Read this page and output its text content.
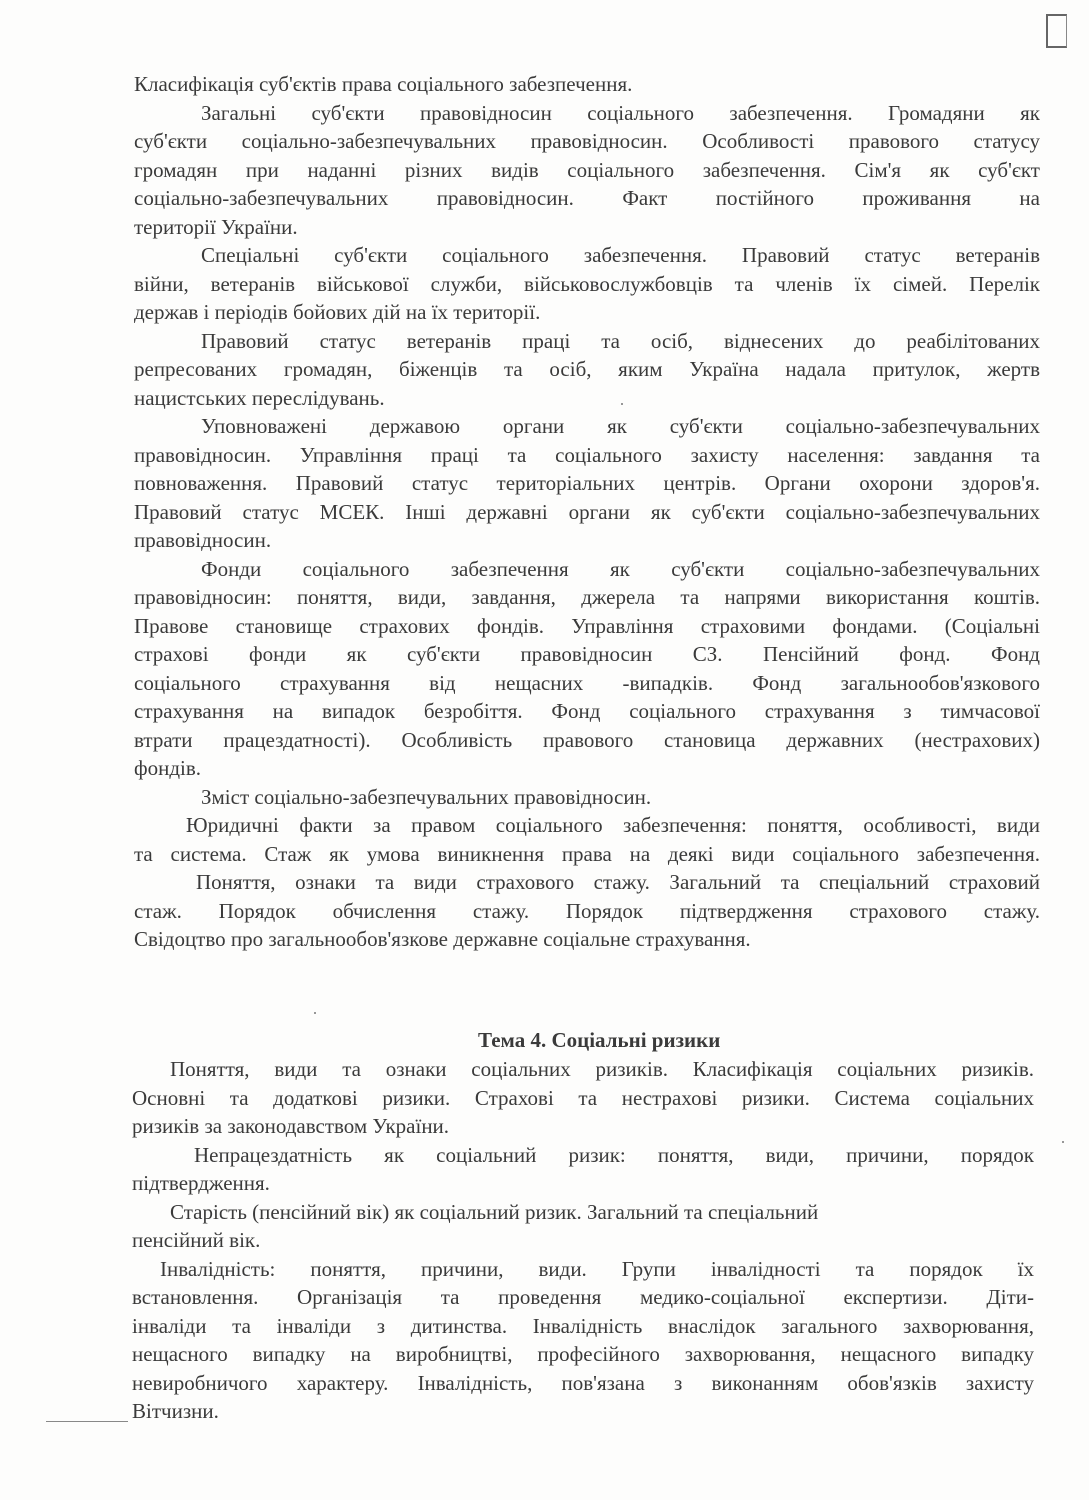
Класифікація суб'єктів права соціального забезпечення.
Загальні суб'єкти правовідносин соціального забезпечення. Громадяни як
суб'єкти соціально-забезпечувальних правовідносин. Особливості правового статусу
громадян при наданні різних видів соціального забезпечення. Сім'я як суб'єкт
соціально-забезпечувальних правовідносин. Факт постійного проживання на
території України.
Спеціальні суб'єкти соціального забезпечення. Правовий статус ветеранів
війни, ветеранів військової служби, військовослужбовців та членів їх сімей. Перелік
держав і періодів бойових дій на їх території.
Правовий статус ветеранів праці та осіб, віднесених до реабілітованих
репресованих громадян, біженців та осіб, яким Україна надала притулок, жертв
нацистських переслідувань.
Уповноважені державою органи як суб'єкти соціально-забезпечувальних
правовідносин. Управління праці та соціального захисту населення: завдання та
повноваження. Правовий статус територіальних центрів. Органи охорони здоров'я.
Правовий статус МСЕК. Інші державні органи як суб'єкти соціально-забезпечувальних
правовідносин.
Фонди соціального забезпечення як суб'єкти соціально-забезпечувальних
правовідносин: поняття, види, завдання, джерела та напрями використання коштів.
Правове становище страхових фондів. Управління страховими фондами. (Соціальні
страхові фонди як суб'єкти правовідносин СЗ. Пенсійний фонд. Фонд
соціального страхування від нещасних -випадків. Фонд загальнообов'язкового
страхування на випадок безробіття. Фонд соціального страхування з тимчасової
втрати працездатності). Особливість правового становица державних (нестрахових)
фондів.
Зміст соціально-забезпечувальних правовідносин.
Юридичні факти за правом соціального забезпечення: поняття, особливості, види
та система. Стаж як умова виникнення права на деякі види соціального забезпечення.
Поняття, ознаки та види страхового стажу. Загальний та спеціальний страховий
стаж. Порядок обчислення стажу. Порядок підтвердження страхового стажу.
Свідоцтво про загальнообов'язкове державне соціальне страхування.
Тема 4. Соціальні ризики
Поняття, види та ознаки соціальних ризиків. Класифікація соціальних ризиків.
Основні та додаткові ризики. Страхові та нестрахові ризики. Система соціальних
ризиків за законодавством України.
Непрацездатність як соціальний ризик: поняття, види, причини, порядок
підтвердження.
Старість (пенсійний вік) як соціальний ризик. Загальний та спеціальний
пенсійний вік.
Інвалідність: поняття, причини, види. Групи інвалідності та порядок їх
встановлення. Організація та проведення медико-соціальної експертизи. Діти-
інваліди та інваліди з дитинства. Інвалідність внаслідок загального захворювання,
нещасного випадку на виробництві, професійного захворювання, нещасного випадку
невиробничого характеру. Інвалідність, пов'язана з виконанням обов'язків захисту
Вітчизни.
